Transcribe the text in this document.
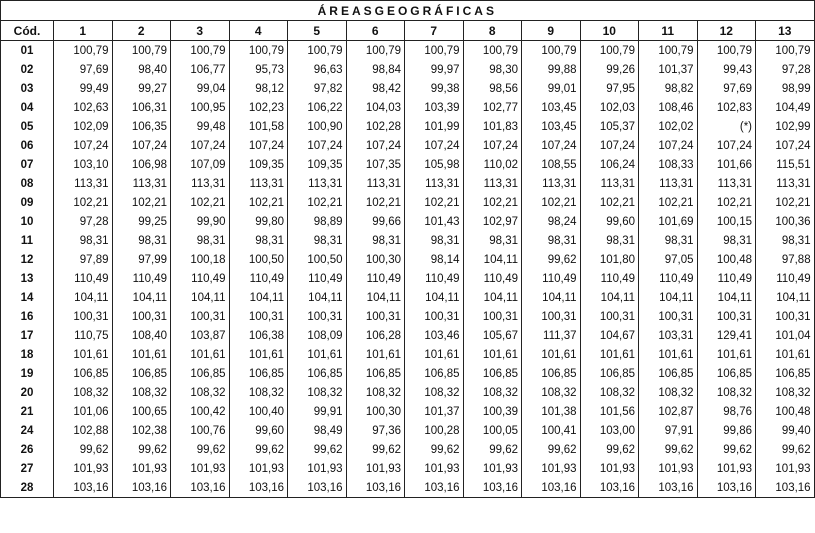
ÁREASGEOGRÁFICAS													
Cód.	1	2	3	4	5	6	7	8	9	10	11	12	13
01	100,79	100,79	100,79	100,79	100,79	100,79	100,79	100,79	100,79	100,79	100,79	100,79	100,79
02	97,69	98,40	106,77	95,73	96,63	98,84	99,97	98,30	99,88	99,26	101,37	99,43	97,28
03	99,49	99,27	99,04	98,12	97,82	98,42	99,38	98,56	99,01	97,95	98,82	97,69	98,99
04	102,63	106,31	100,95	102,23	106,22	104,03	103,39	102,77	103,45	102,03	108,46	102,83	104,49
05	102,09	106,35	99,48	101,58	100,90	102,28	101,99	101,83	103,45	105,37	102,02	(*)	102,99
06	107,24	107,24	107,24	107,24	107,24	107,24	107,24	107,24	107,24	107,24	107,24	107,24	107,24
07	103,10	106,98	107,09	109,35	109,35	107,35	105,98	110,02	108,55	106,24	108,33	101,66	115,51
08	113,31	113,31	113,31	113,31	113,31	113,31	113,31	113,31	113,31	113,31	113,31	113,31	113,31
09	102,21	102,21	102,21	102,21	102,21	102,21	102,21	102,21	102,21	102,21	102,21	102,21	102,21
10	97,28	99,25	99,90	99,80	98,89	99,66	101,43	102,97	98,24	99,60	101,69	100,15	100,36
11	98,31	98,31	98,31	98,31	98,31	98,31	98,31	98,31	98,31	98,31	98,31	98,31	98,31
12	97,89	97,99	100,18	100,50	100,50	100,30	98,14	104,11	99,62	101,80	97,05	100,48	97,88
13	110,49	110,49	110,49	110,49	110,49	110,49	110,49	110,49	110,49	110,49	110,49	110,49	110,49
14	104,11	104,11	104,11	104,11	104,11	104,11	104,11	104,11	104,11	104,11	104,11	104,11	104,11
16	100,31	100,31	100,31	100,31	100,31	100,31	100,31	100,31	100,31	100,31	100,31	100,31	100,31
17	110,75	108,40	103,87	106,38	108,09	106,28	103,46	105,67	111,37	104,67	103,31	129,41	101,04
18	101,61	101,61	101,61	101,61	101,61	101,61	101,61	101,61	101,61	101,61	101,61	101,61	101,61
19	106,85	106,85	106,85	106,85	106,85	106,85	106,85	106,85	106,85	106,85	106,85	106,85	106,85
20	108,32	108,32	108,32	108,32	108,32	108,32	108,32	108,32	108,32	108,32	108,32	108,32	108,32
21	101,06	100,65	100,42	100,40	99,91	100,30	101,37	100,39	101,38	101,56	102,87	98,76	100,48
24	102,88	102,38	100,76	99,60	98,49	97,36	100,28	100,05	100,41	103,00	97,91	99,86	99,40
26	99,62	99,62	99,62	99,62	99,62	99,62	99,62	99,62	99,62	99,62	99,62	99,62	99,62
27	101,93	101,93	101,93	101,93	101,93	101,93	101,93	101,93	101,93	101,93	101,93	101,93	101,93
28	103,16	103,16	103,16	103,16	103,16	103,16	103,16	103,16	103,16	103,16	103,16	103,16	103,16
